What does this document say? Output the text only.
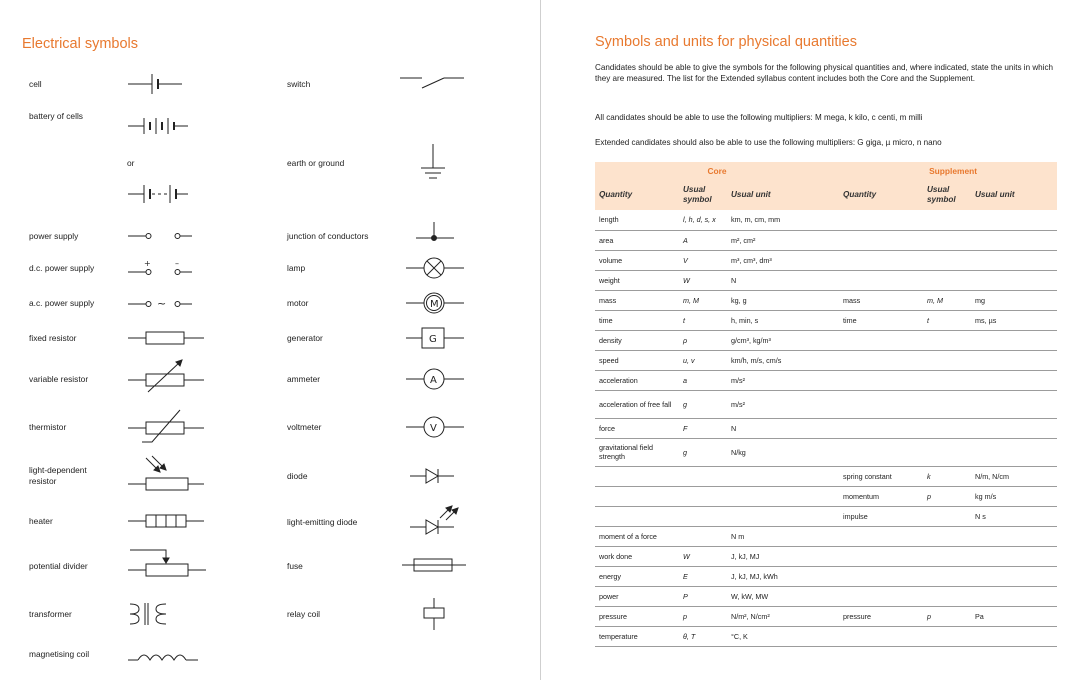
Electrical symbols
cell
battery of cells
or
power supply
d.c. power supply
a.c. power supply
fixed resistor
variable resistor
thermistor
light-dependent
resistor
heater
potential divider
transformer
magnetising coil
switch
earth or ground
junction of conductors
lamp
motor
generator
ammeter
voltmeter
diode
light-emitting diode
fuse
relay coil
+	–
~	M
G
A
V
Symbols and units for physical quantities

Candidates should be able to give the symbols for the following physical quantities and, where indicated, state the units in which they are measured. The list for the Extended syllabus content includes both the Core and the Supplement.

All candidates should be able to use the following multipliers: M mega, k kilo, c centi, m milli

Extended candidates should also be able to use the following multipliers: G giga, µ micro, n nano

Core			Supplement		
Quantity	Usual symbol	Usual unit	Quantity	Usual symbol	Usual unit
length	l, h, d, s, x	km, m, cm, mm			
area	A	m², cm²			
volume	V	m³, cm³, dm³			
weight	W	N			
mass	m, M	kg, g	mass	m, M	mg
time	t	h, min, s	time	t	ms, µs
density	ρ	g/cm³, kg/m³			
speed	u, v	km/h, m/s, cm/s			
acceleration	a	m/s²			
acceleration of free fall	g	m/s²			
force	F	N			
gravitational field strength	g	N/kg			
			spring constant	k	N/m, N/cm
			momentum	p	kg m/s
			impulse		N s
moment of a force		N m			
work done	W	J, kJ, MJ			
energy	E	J, kJ, MJ, kWh			
power	P	W, kW, MW			
pressure	p	N/m², N/cm²	pressure	p	Pa
temperature	θ, T	°C, K			
